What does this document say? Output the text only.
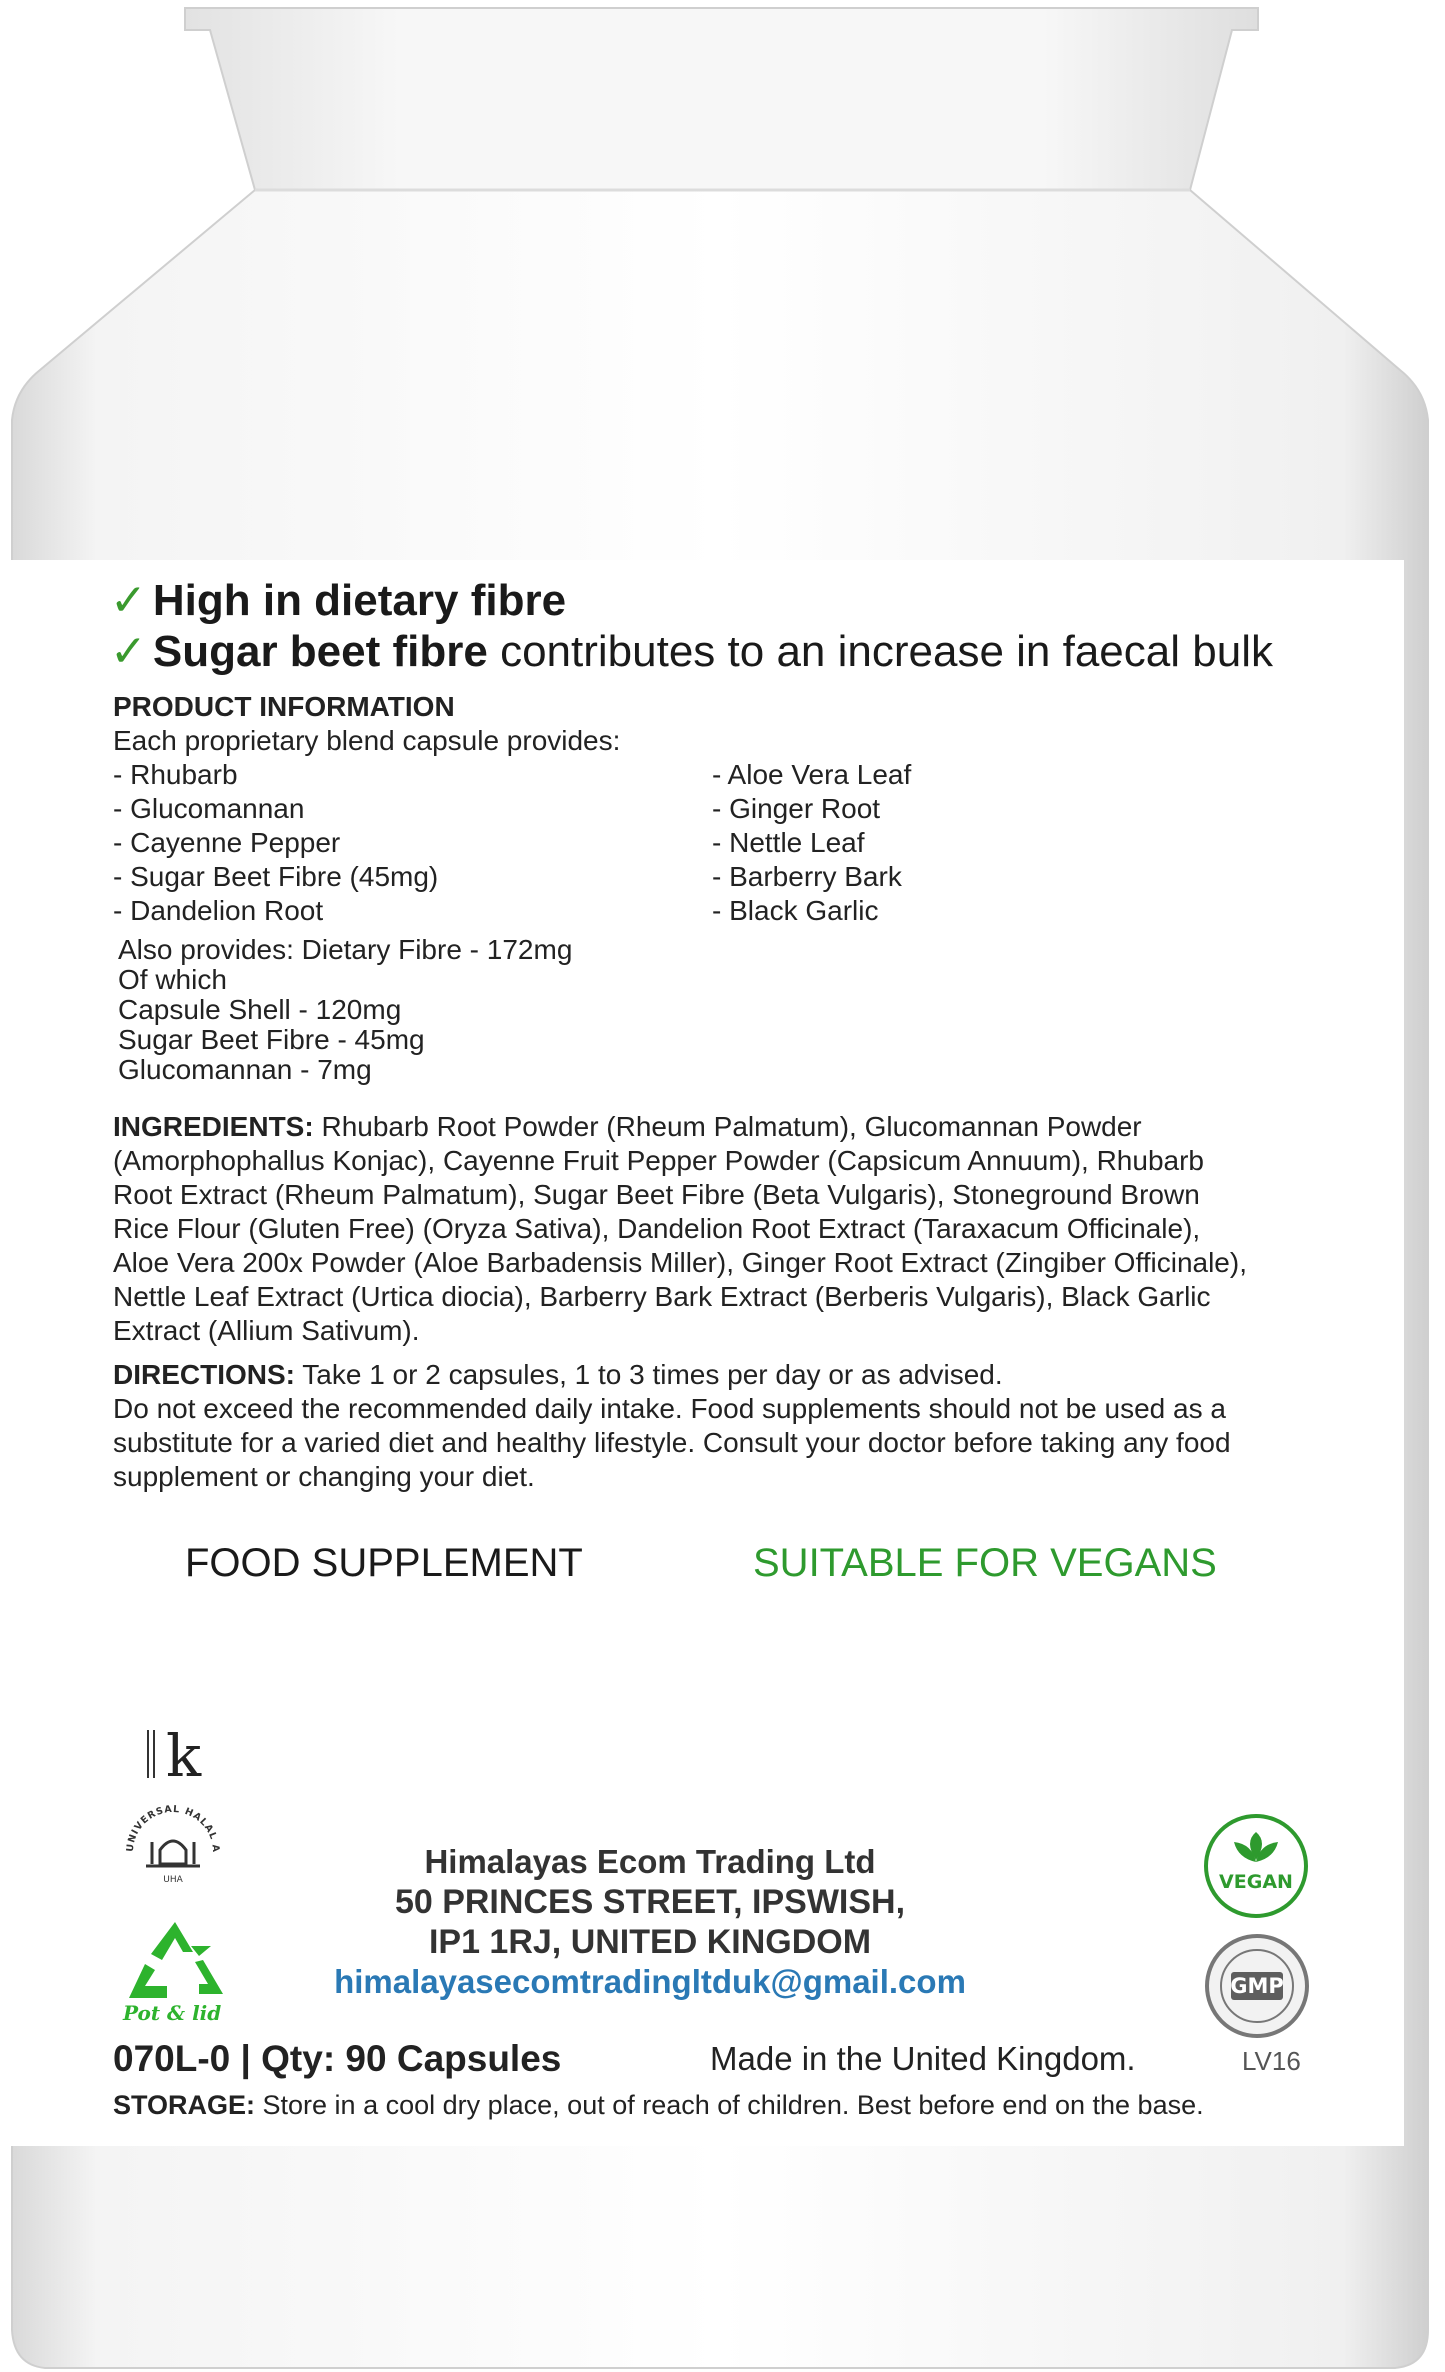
✓ High in dietary fibre
✓ Sugar beet fibre contributes to an increase in faecal bulk
PRODUCT INFORMATION
Each proprietary blend capsule provides:
- Rhubarb
- Glucomannan
- Cayenne Pepper
- Sugar Beet Fibre (45mg)
- Dandelion Root
- Aloe Vera Leaf
- Ginger Root
- Nettle Leaf
- Barberry Bark
- Black Garlic
Also provides: Dietary Fibre - 172mg
Of which
Capsule Shell - 120mg
Sugar Beet Fibre - 45mg
Glucomannan - 7mg
INGREDIENTS: Rhubarb Root Powder (Rheum Palmatum), Glucomannan Powder
(Amorphophallus Konjac), Cayenne Fruit Pepper Powder (Capsicum Annuum), Rhubarb
Root Extract (Rheum Palmatum), Sugar Beet Fibre (Beta Vulgaris), Stoneground Brown
Rice Flour (Gluten Free) (Oryza Sativa), Dandelion Root Extract (Taraxacum Officinale),
Aloe Vera 200x Powder (Aloe Barbadensis Miller), Ginger Root Extract (Zingiber Officinale),
Nettle Leaf Extract (Urtica diocia), Barberry Bark Extract (Berberis Vulgaris), Black Garlic
Extract (Allium Sativum).
DIRECTIONS: Take 1 or 2 capsules, 1 to 3 times per day or as advised.
Do not exceed the recommended daily intake. Food supplements should not be used as a
substitute for a varied diet and healthy lifestyle. Consult your doctor before taking any food
supplement or changing your diet.
FOOD SUPPLEMENT	SUITABLE FOR VEGANS
k
UNIVERSAL HALAL A
UHA
Pot & lid
Himalayas Ecom Trading Ltd
50 PRINCES STREET, IPSWISH,
IP1 1RJ, UNITED KINGDOM
himalayasecomtradingltduk@gmail.com
VEGAN
GMP
070L-0 | Qty: 90 Capsules	Made in the United Kingdom.	LV16
STORAGE: Store in a cool dry place, out of reach of children. Best before end on the base.
